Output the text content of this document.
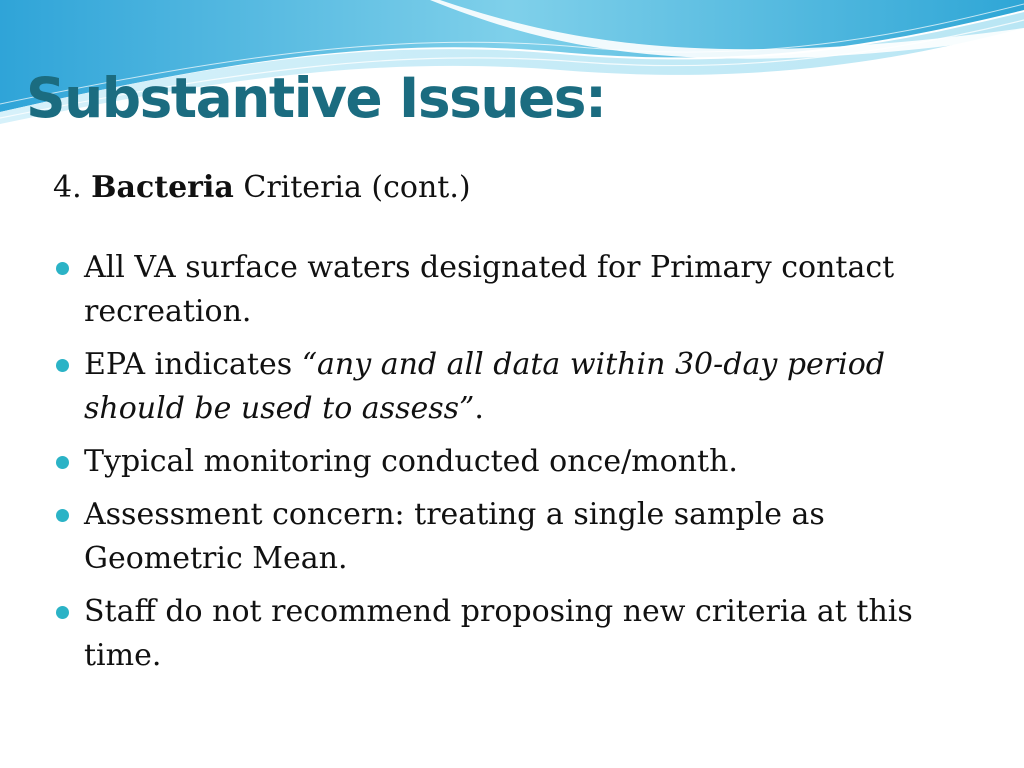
Substantive Issues:

4. Bacteria Criteria (cont.)

All VA surface waters designated for Primary contact recreation.
EPA indicates “any and all data within 30-day period should be used to assess”.
Typical monitoring conducted once/month.
Assessment concern: treating a single sample as Geometric Mean.
Staff do not recommend proposing new criteria at this time.
